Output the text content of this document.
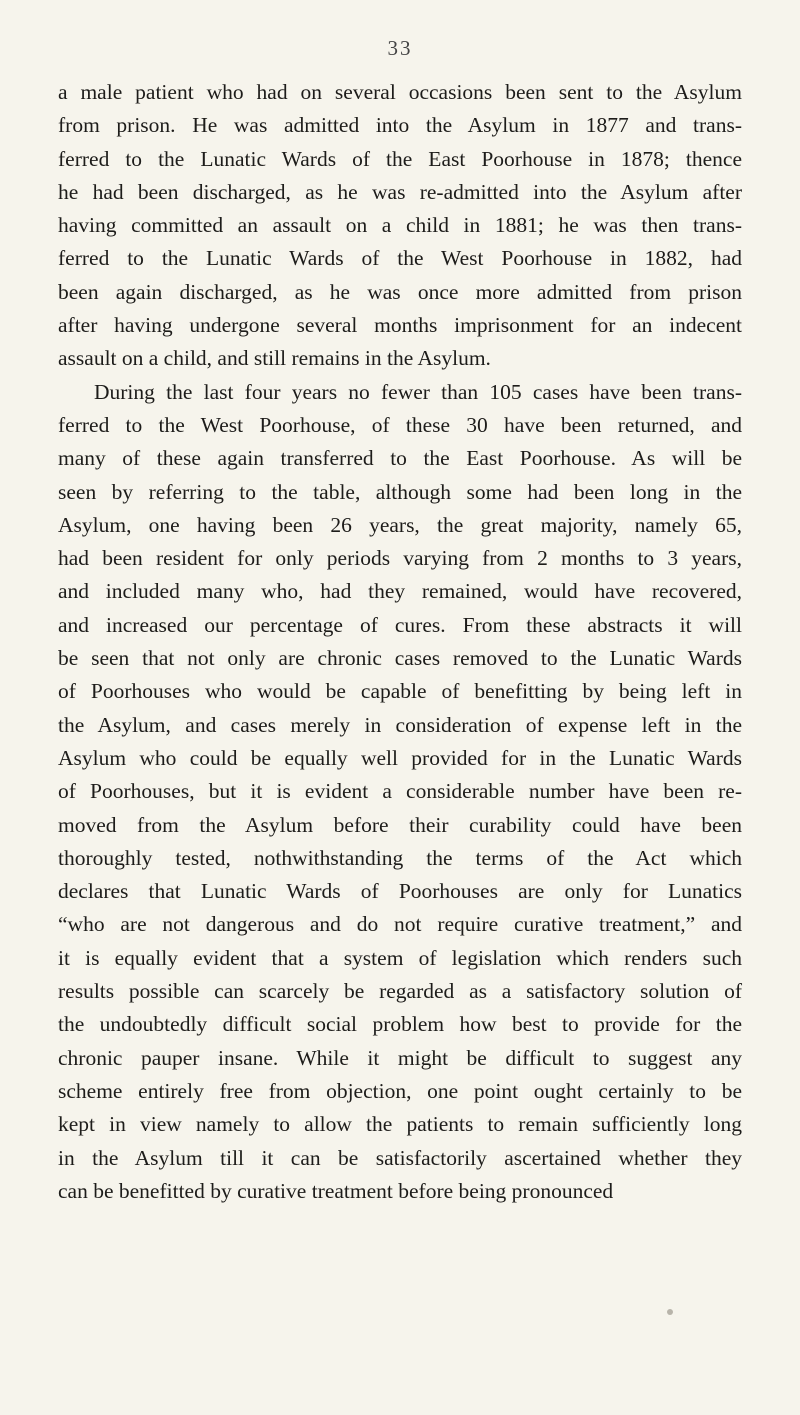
33
a male patient who had on several occasions been sent to the Asylum
from prison. He was admitted into the Asylum in 1877 and trans-
ferred to the Lunatic Wards of the East Poorhouse in 1878; thence
he had been discharged, as he was re-admitted into the Asylum after
having committed an assault on a child in 1881; he was then trans-
ferred to the Lunatic Wards of the West Poorhouse in 1882, had
been again discharged, as he was once more admitted from prison
after having undergone several months imprisonment for an indecent
assault on a child, and still remains in the Asylum.
During the last four years no fewer than 105 cases have been trans-
ferred to the West Poorhouse, of these 30 have been returned, and
many of these again transferred to the East Poorhouse. As will be
seen by referring to the table, although some had been long in the
Asylum, one having been 26 years, the great majority, namely 65,
had been resident for only periods varying from 2 months to 3 years,
and included many who, had they remained, would have recovered,
and increased our percentage of cures. From these abstracts it will
be seen that not only are chronic cases removed to the Lunatic Wards
of Poorhouses who would be capable of benefitting by being left in
the Asylum, and cases merely in consideration of expense left in the
Asylum who could be equally well provided for in the Lunatic Wards
of Poorhouses, but it is evident a considerable number have been re-
moved from the Asylum before their curability could have been
thoroughly tested, nothwithstanding the terms of the Act which
declares that Lunatic Wards of Poorhouses are only for Lunatics
“who are not dangerous and do not require curative treatment,” and
it is equally evident that a system of legislation which renders such
results possible can scarcely be regarded as a satisfactory solution of
the undoubtedly difficult social problem how best to provide for the
chronic pauper insane. While it might be difficult to suggest any
scheme entirely free from objection, one point ought certainly to be
kept in view namely to allow the patients to remain sufficiently long
in the Asylum till it can be satisfactorily ascertained whether they
can be benefitted by curative treatment before being pronounced
